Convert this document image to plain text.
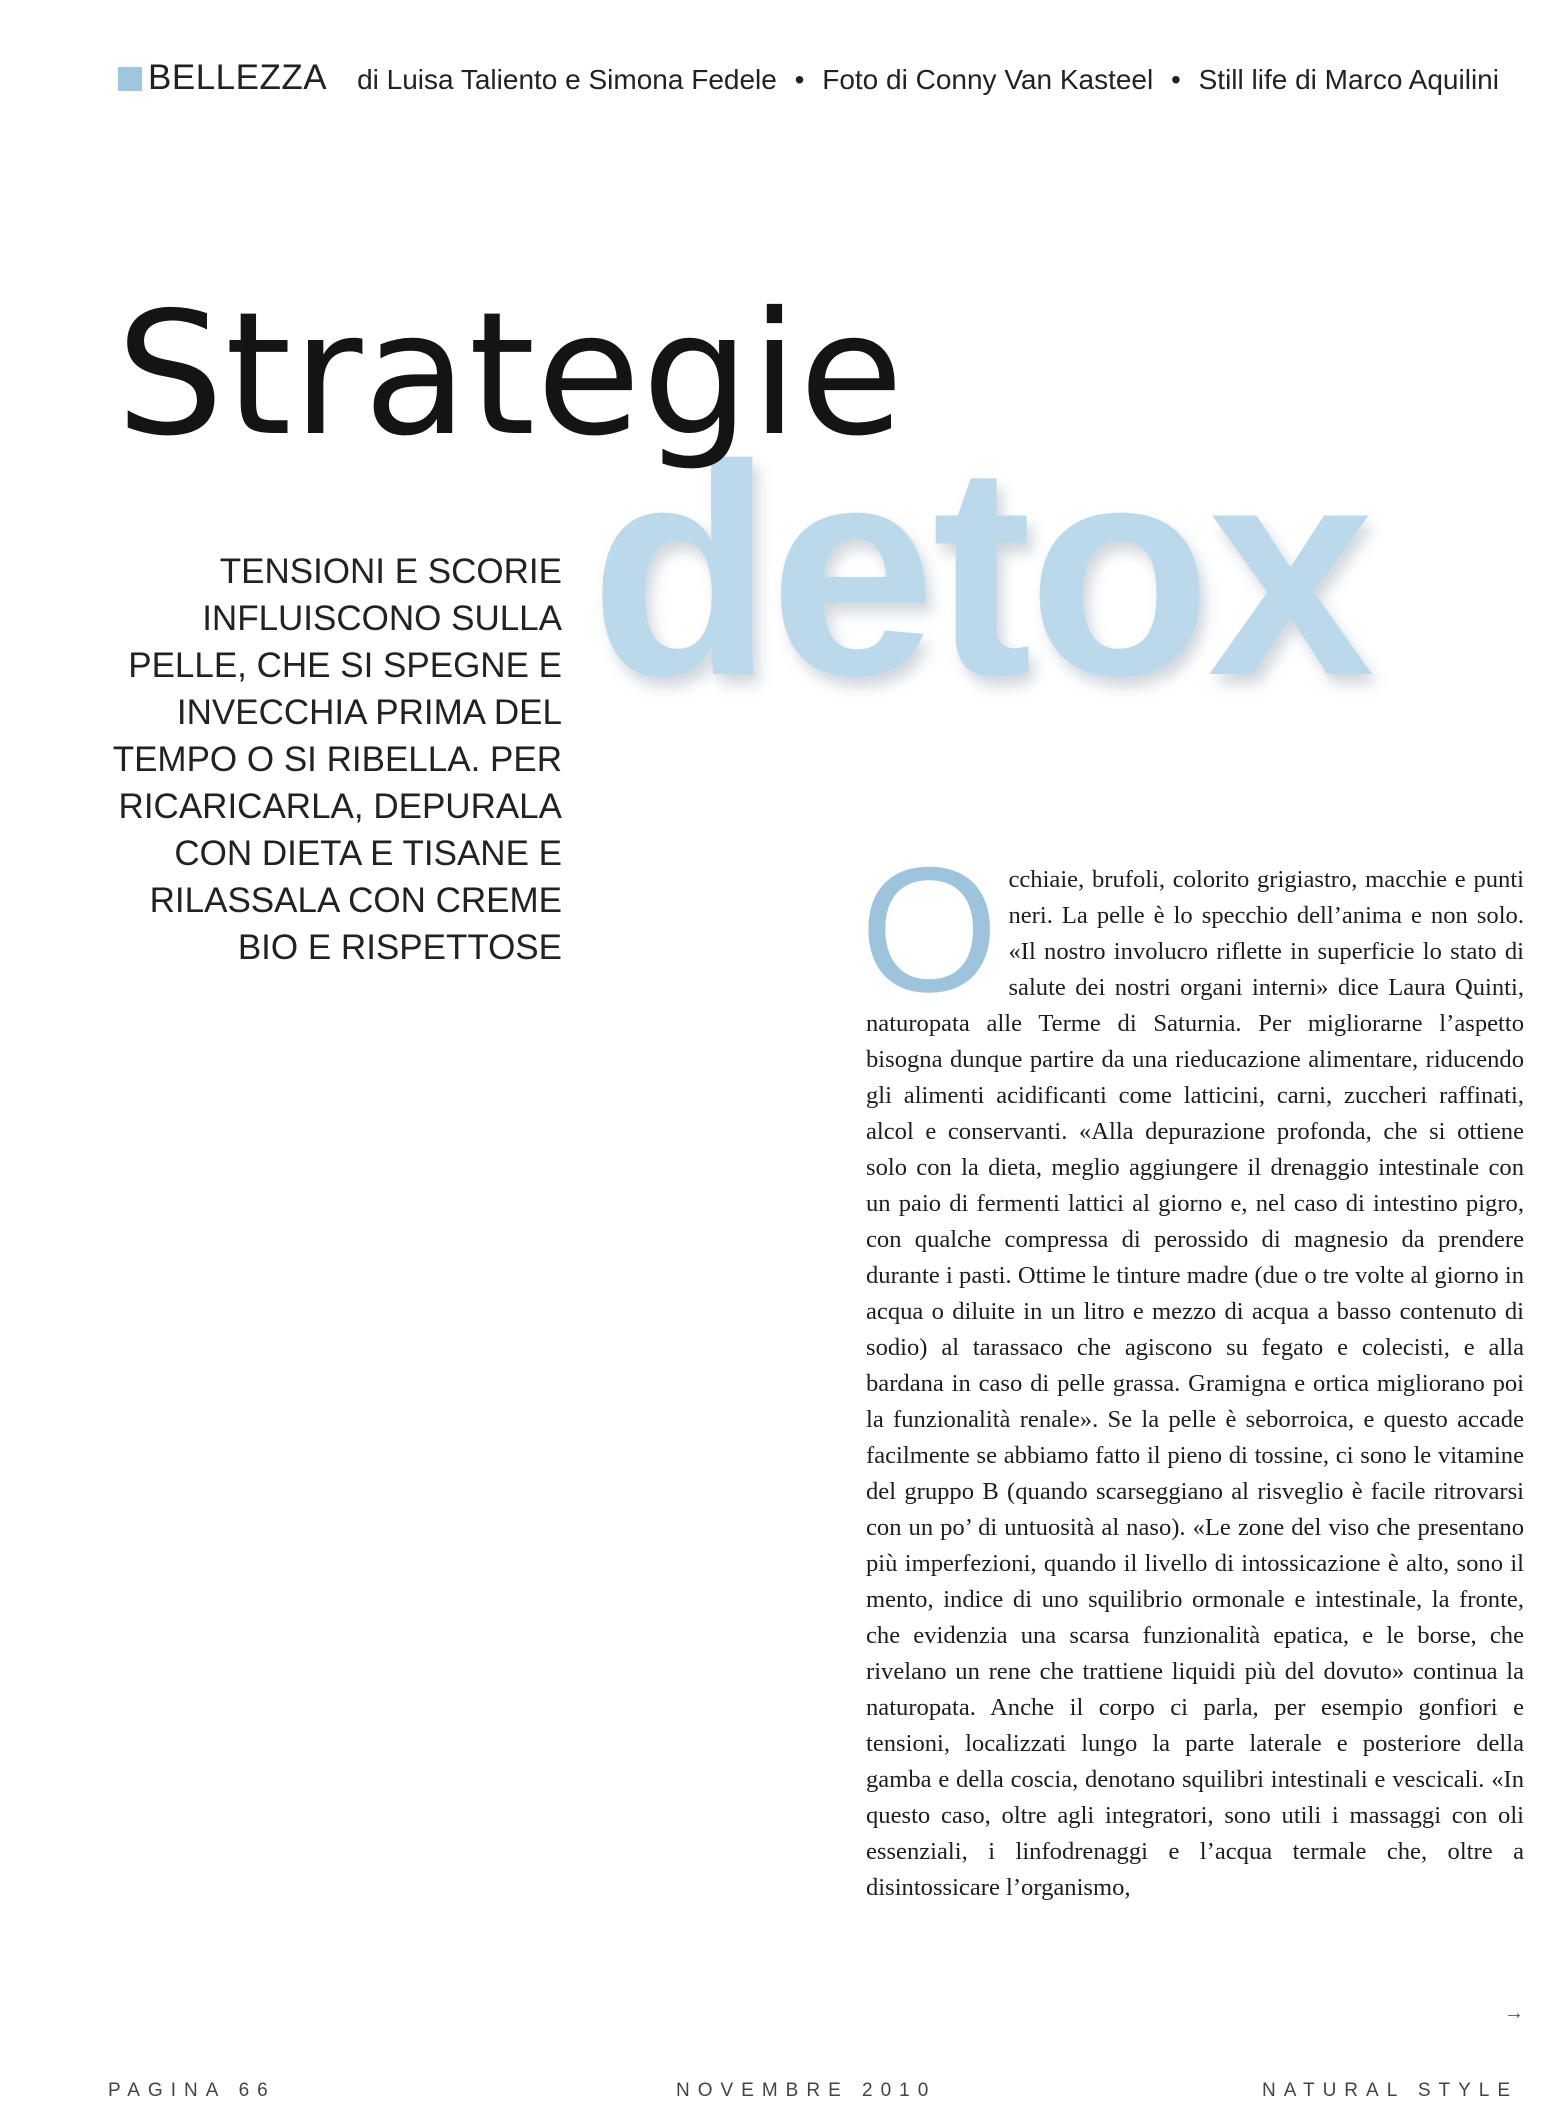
BELLEZZA di Luisa Taliento e Simona Fedele • Foto di Conny Van Kasteel • Still life di Marco Aquilini
Strategie
detox
TENSIONI E SCORIE INFLUISCONO SULLA PELLE, CHE SI SPEGNE E INVECCHIA PRIMA DEL TEMPO O SI RIBELLA. PER RICARICARLA, DEPURALA CON DIETA E TISANE E RILASSALA CON CREME BIO E RISPETTOSE O cchiaie, brufoli, colorito grigiastro, macchie e punti neri. La pelle è lo specchio dell’anima e non solo. «Il nostro involucro riflette in superficie lo stato di salute dei nostri organi interni» dice Laura Quinti, naturopata alle Terme di Saturnia. Per migliorarne l’aspetto bisogna dunque partire da una rieducazione alimentare, riducendo gli alimenti acidificanti come latticini, carni, zuccheri raffinati, alcol e conservanti. «Alla depurazione profonda, che si ottiene solo con la dieta, meglio aggiungere il drenaggio intestinale con un paio di fermenti lattici al giorno e, nel caso di intestino pigro, con qualche compressa di perossido di magnesio da prendere durante i pasti. Ottime le tinture madre (due o tre volte al giorno in acqua o diluite in un litro e mezzo di acqua a basso contenuto di sodio) al tarassaco che agiscono su fegato e colecisti, e alla bardana in caso di pelle grassa. Gramigna e ortica migliorano poi la funzionalità renale». Se la pelle è seborroica, e questo accade facilmente se abbiamo fatto il pieno di tossine, ci sono le vitamine del gruppo B (quando scarseggiano al risveglio è facile ritrovarsi con un po’ di untuosità al naso). «Le zone del viso che presentano più imperfezioni, quando il livello di intossicazione è alto, sono il mento, indice di uno squilibrio ormonale e intestinale, la fronte, che evidenzia una scarsa funzionalità epatica, e le borse, che rivelano un rene che trattiene liquidi più del dovuto» continua la naturopata. Anche il corpo ci parla, per esempio gonfiori e tensioni, localizzati lungo la parte laterale e posteriore della gamba e della coscia, denotano squilibri intestinali e vescicali. «In questo caso, oltre agli integratori, sono utili i massaggi con oli essenziali, i linfodrenaggi e l’acqua termale che, oltre a disintossicare l’organismo,
→
PAGINA 66	NOVEMBRE 2010	NATURAL STYLE
